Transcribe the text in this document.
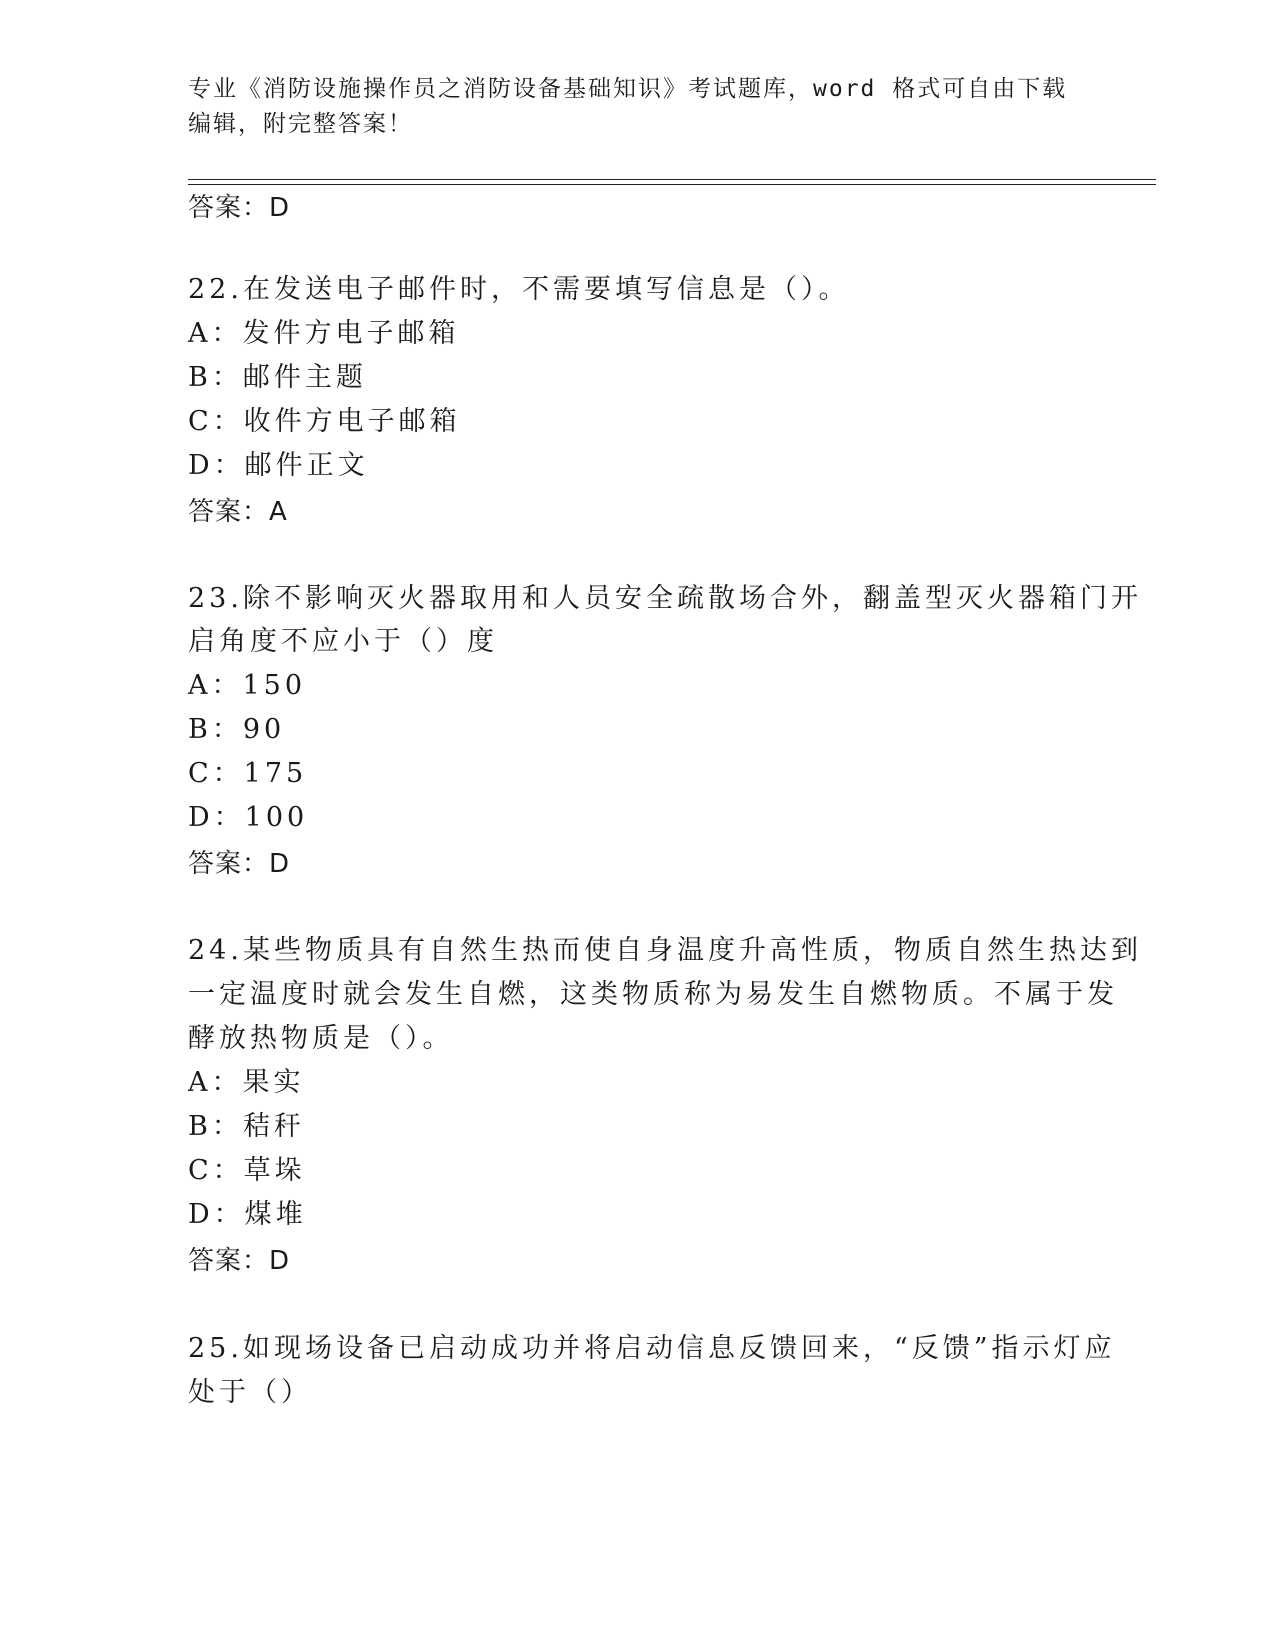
专业《消防设施操作员之消防设备基础知识》考试题库，word 格式可自由下载编辑，附完整答案！
答案：D
22.在发送电子邮件时，不需要填写信息是（）。
A：发件方电子邮箱
B：邮件主题
C：收件方电子邮箱
D：邮件正文
答案：A
23.除不影响灭火器取用和人员安全疏散场合外，翻盖型灭火器箱门开
启角度不应小于（）度
A：150
B：90
C：175
D：100
答案：D
24.某些物质具有自然生热而使自身温度升高性质，物质自然生热达到
一定温度时就会发生自燃，这类物质称为易发生自燃物质。不属于发
酵放热物质是（）。
A：果实
B：秸秆
C：草垛
D：煤堆
答案：D
25.如现场设备已启动成功并将启动信息反馈回来，“反馈”指示灯应
处于（）
